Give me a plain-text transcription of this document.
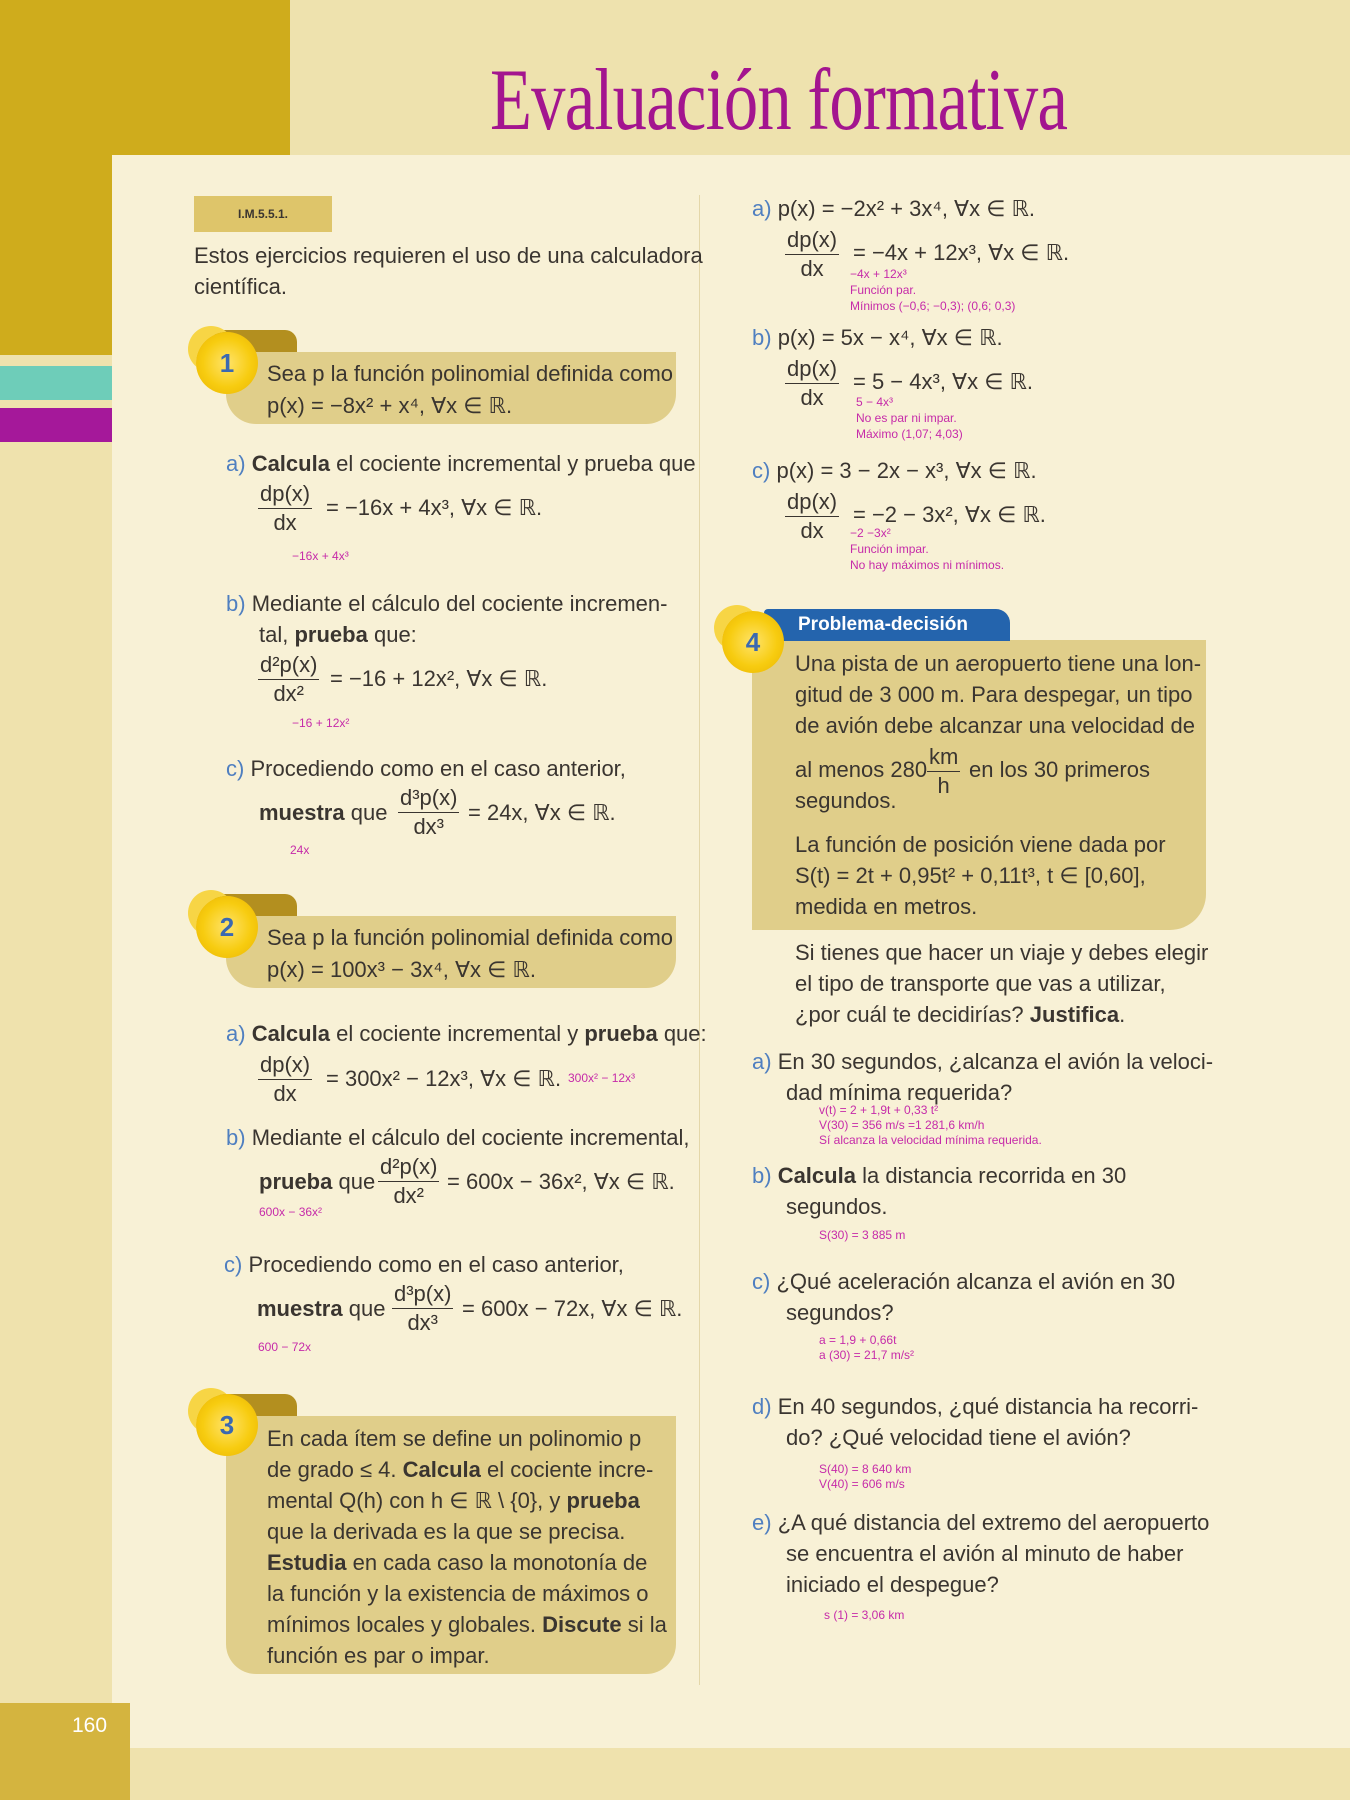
Evaluación formativa
160
I.M.5.5.1.
Estos ejercicios requieren el uso de una calculadora
científica.
1	Sea p la función polinomial definida como
p(x) = −8x² + x⁴, ∀x ∈ ℝ.
a) Calcula el cociente incremental y prueba que
$\frac{dp(x)}{dx} = -16x + 4x^3$, ∀x ∈ ℝ.
−16x + 4x³
b) Mediante el cálculo del cociente incremen-
tal, prueba que:
$\frac{\text{d²p(x)}}{\text{dx²}} = -16 + 12x^2$, ∀x ∈ ℝ.
−16 + 12x²
c) Procediendo como en el caso anterior,
muestra que $\frac{\text{d³p(x)}}{\text{dx³}} = 24x$, ∀x ∈ ℝ.
24x
2	Sea p la función polinomial definida como
p(x) = 100x³ − 3x⁴, ∀x ∈ ℝ.
a) Calcula el cociente incremental y prueba que:
$\frac{dp(x)}{dx} = 300x^2 - 12x^3$, ∀x ∈ ℝ. 300x² − 12x³
b) Mediante el cálculo del cociente incremental,
prueba que $\frac{\text{d²p(x)}}{\text{dx²}} = 600x - 36x^2$, ∀x ∈ ℝ.
600x − 36x²
c) Procediendo como en el caso anterior,
muestra que $\frac{\text{d³p(x)}}{\text{dx³}} = 600x - 72x$, ∀x ∈ ℝ.
600 − 72x
3	En cada ítem se define un polinomio p
de grado ≤ 4. Calcula el cociente incre-
mental Q(h) con h ∈ ℝ \ {0}, y prueba
que la derivada es la que se precisa.
Estudia en cada caso la monotonía de
la función y la existencia de máximos o
mínimos locales y globales. Discute si la
función es par o impar.
a) p(x) = −2x² + 3x⁴, ∀x ∈ ℝ.
$\frac{dp(x)}{dx} = -4x + 12x^3$, ∀x ∈ ℝ.
−4x + 12x³
Función par.
Mínimos (−0,6; −0,3); (0,6; 0,3)
b) p(x) = 5x − x⁴, ∀x ∈ ℝ.
$\frac{dp(x)}{dx} = 5 - 4x^3$, ∀x ∈ ℝ.
5 − 4x³
No es par ni impar.
Máximo (1,07; 4,03)
c) p(x) = 3 − 2x − x³, ∀x ∈ ℝ.
$\frac{dp(x)}{dx} = -2 - 3x^2$, ∀x ∈ ℝ.
−2 −3x²
Función impar.
No hay máximos ni mínimos.
Problema-decisión
4
Una pista de un aeropuerto tiene una lon-
gitud de 3 000 m. Para despegar, un tipo
de avión debe alcanzar una velocidad de
al menos $280 \frac{km}{h}$ en los 30 primeros
segundos.
La función de posición viene dada por
S(t) = 2t + 0,95t² + 0,11t³, t ∈ [0,60],
medida en metros.
Si tienes que hacer un viaje y debes elegir
el tipo de transporte que vas a utilizar,
¿por cuál te decidirías? Justifica.
a) En 30 segundos, ¿alcanza el avión la veloci-
dad mínima requerida?
v(t) = 2 + 1,9t + 0,33 t²
V(30) = 356 m/s =1 281,6 km/h
Sí alcanza la velocidad mínima requerida.
b) Calcula la distancia recorrida en 30
segundos.
S(30) = 3 885 m
c) ¿Qué aceleración alcanza el avión en 30
segundos?
a = 1,9 + 0,66t
a (30) = 21,7 m/s²
d) En 40 segundos, ¿qué distancia ha recorri-
do? ¿Qué velocidad tiene el avión?
S(40) = 8 640 km
V(40) = 606 m/s
e) ¿A qué distancia del extremo del aeropuerto
se encuentra el avión al minuto de haber
iniciado el despegue?
s (1) = 3,06 km
